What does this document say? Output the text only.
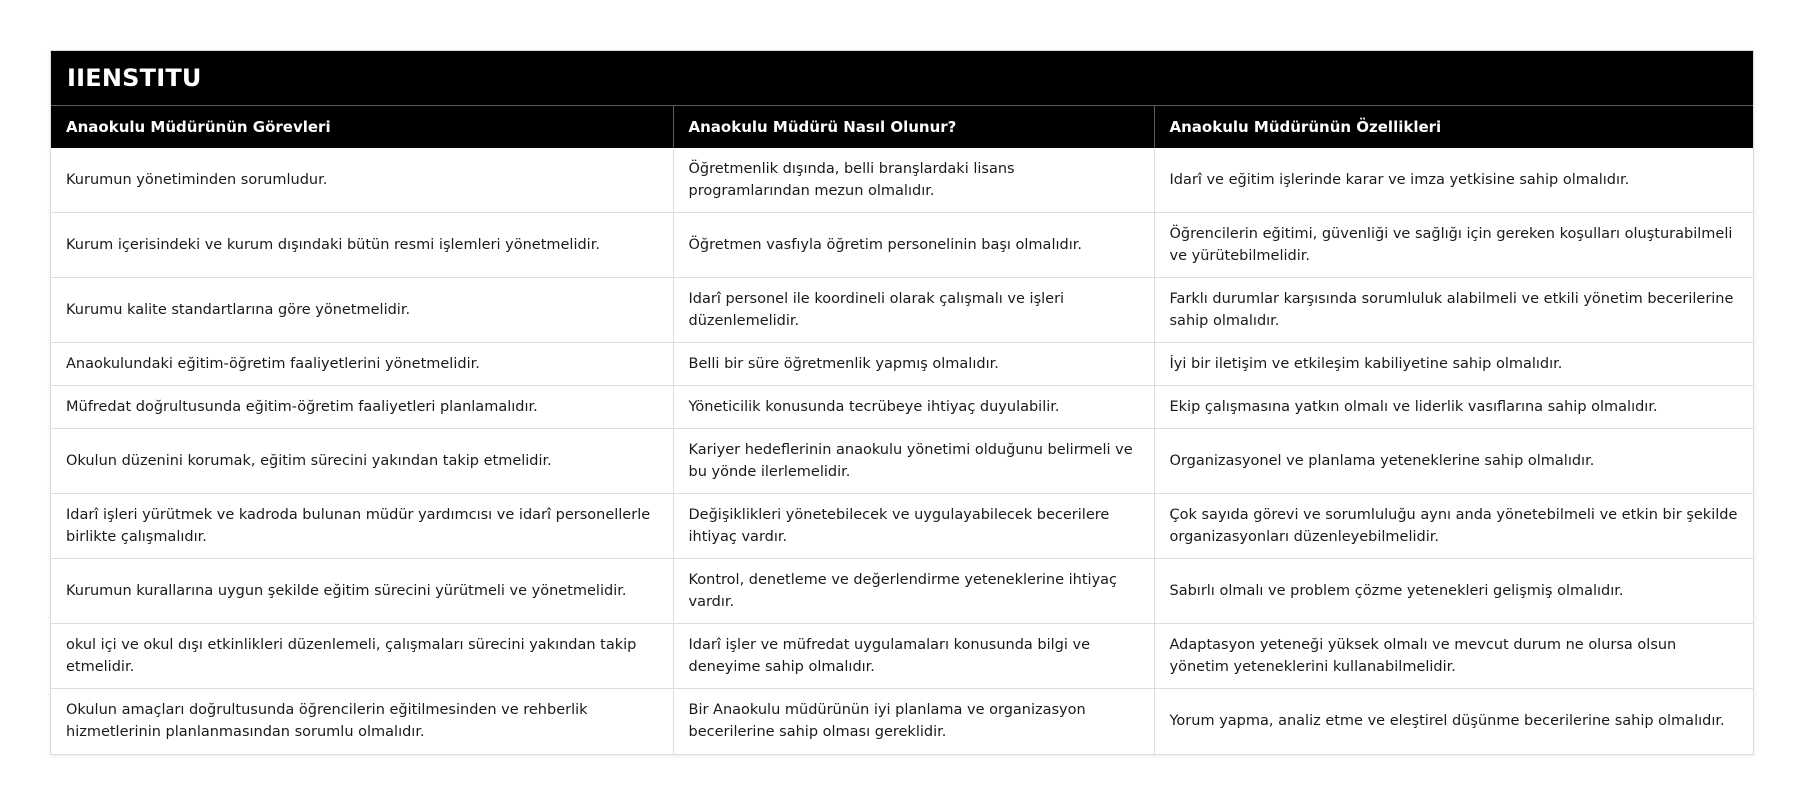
IIENSTITU
Anaokulu Müdürünün Görevleri	Anaokulu Müdürü Nasıl Olunur?	Anaokulu Müdürünün Özellikleri
Kurumun yönetiminden sorumludur.	Öğretmenlik dışında, belli branşlardaki lisans programlarından mezun olmalıdır.	Idarî ve eğitim işlerinde karar ve imza yetkisine sahip olmalıdır.
Kurum içerisindeki ve kurum dışındaki bütün resmi işlemleri yönetmelidir.	Öğretmen vasfıyla öğretim personelinin başı olmalıdır.	Öğrencilerin eğitimi, güvenliği ve sağlığı için gereken koşulları oluşturabilmeli ve yürütebilmelidir.
Kurumu kalite standartlarına göre yönetmelidir.	Idarî personel ile koordineli olarak çalışmalı ve işleri düzenlemelidir.	Farklı durumlar karşısında sorumluluk alabilmeli ve etkili yönetim becerilerine sahip olmalıdır.
Anaokulundaki eğitim-öğretim faaliyetlerini yönetmelidir.	Belli bir süre öğretmenlik yapmış olmalıdır.	İyi bir iletişim ve etkileşim kabiliyetine sahip olmalıdır.
Müfredat doğrultusunda eğitim-öğretim faaliyetleri planlamalıdır.	Yöneticilik konusunda tecrübeye ihtiyaç duyulabilir.	Ekip çalışmasına yatkın olmalı ve liderlik vasıflarına sahip olmalıdır.
Okulun düzenini korumak, eğitim sürecini yakından takip etmelidir.	Kariyer hedeflerinin anaokulu yönetimi olduğunu belirmeli ve bu yönde ilerlemelidir.	Organizasyonel ve planlama yeteneklerine sahip olmalıdır.
Idarî işleri yürütmek ve kadroda bulunan müdür yardımcısı ve idarî personellerle birlikte çalışmalıdır.	Değişiklikleri yönetebilecek ve uygulayabilecek becerilere ihtiyaç vardır.	Çok sayıda görevi ve sorumluluğu aynı anda yönetebilmeli ve etkin bir şekilde organizasyonları düzenleyebilmelidir.
Kurumun kurallarına uygun şekilde eğitim sürecini yürütmeli ve yönetmelidir.	Kontrol, denetleme ve değerlendirme yeteneklerine ihtiyaç vardır.	Sabırlı olmalı ve problem çözme yetenekleri gelişmiş olmalıdır.
okul içi ve okul dışı etkinlikleri düzenlemeli, çalışmaları sürecini yakından takip etmelidir.	Idarî işler ve müfredat uygulamaları konusunda bilgi ve deneyime sahip olmalıdır.	Adaptasyon yeteneği yüksek olmalı ve mevcut durum ne olursa olsun yönetim yeteneklerini kullanabilmelidir.
Okulun amaçları doğrultusunda öğrencilerin eğitilmesinden ve rehberlik hizmetlerinin planlanmasından sorumlu olmalıdır.	Bir Anaokulu müdürünün iyi planlama ve organizasyon becerilerine sahip olması gereklidir.	Yorum yapma, analiz etme ve eleştirel düşünme becerilerine sahip olmalıdır.
